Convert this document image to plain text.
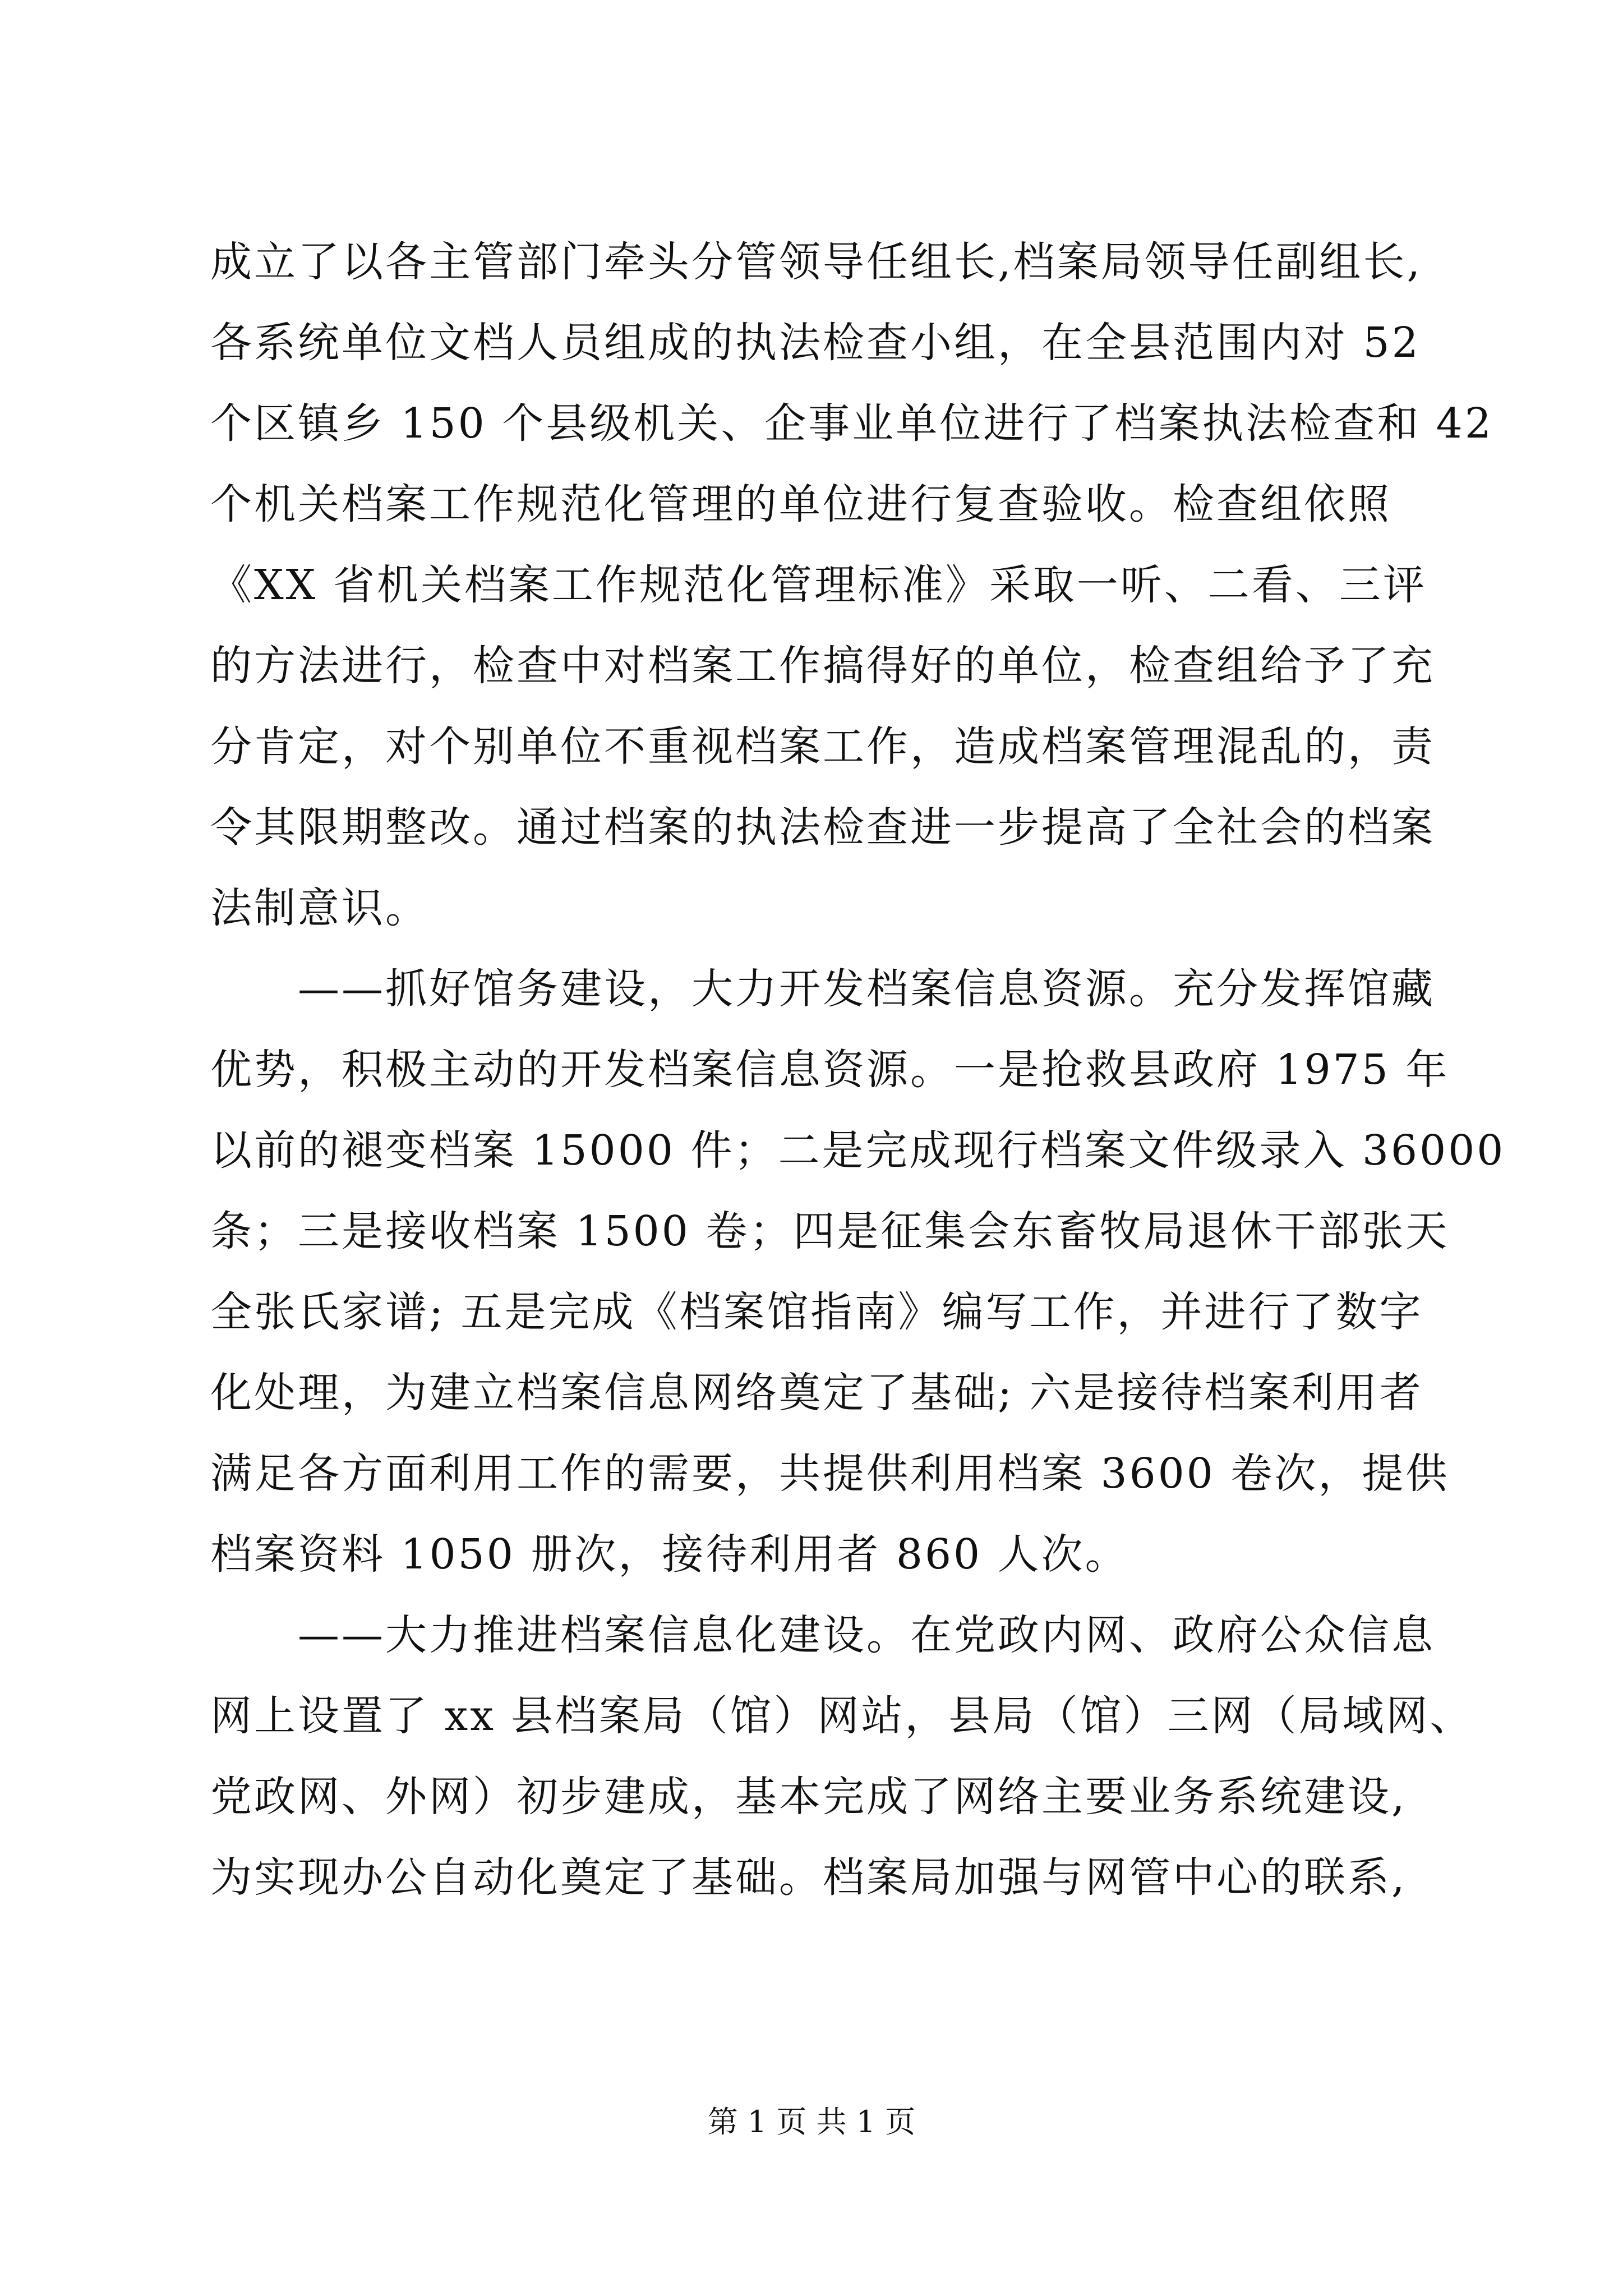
成立了以各主管部门牵头分管领导任组长,档案局领导任副组长,
各系统单位文档人员组成的执法检查小组，在全县范围内对 52
个区镇乡 150 个县级机关、企事业单位进行了档案执法检查和 42
个机关档案工作规范化管理的单位进行复查验收。检查组依照
《XX 省机关档案工作规范化管理标准》采取一听、二看、三评
的方法进行，检查中对档案工作搞得好的单位，检查组给予了充
分肯定，对个别单位不重视档案工作，造成档案管理混乱的，责
令其限期整改。通过档案的执法检查进一步提高了全社会的档案
法制意识。
　　——抓好馆务建设，大力开发档案信息资源。充分发挥馆藏
优势，积极主动的开发档案信息资源。一是抢救县政府 1975 年
以前的褪变档案 15000 件；二是完成现行档案文件级录入 36000
条；三是接收档案 1500 卷；四是征集会东畜牧局退休干部张天
全张氏家谱; 五是完成《档案馆指南》编写工作，并进行了数字
化处理，为建立档案信息网络奠定了基础; 六是接待档案利用者
满足各方面利用工作的需要，共提供利用档案 3600 卷次，提供
档案资料 1050 册次，接待利用者 860 人次。
　　——大力推进档案信息化建设。在党政内网、政府公众信息
网上设置了 xx 县档案局（馆）网站，县局（馆）三网（局域网、
党政网、外网）初步建成，基本完成了网络主要业务系统建设,
为实现办公自动化奠定了基础。档案局加强与网管中心的联系,
第 1 页 共 1 页
